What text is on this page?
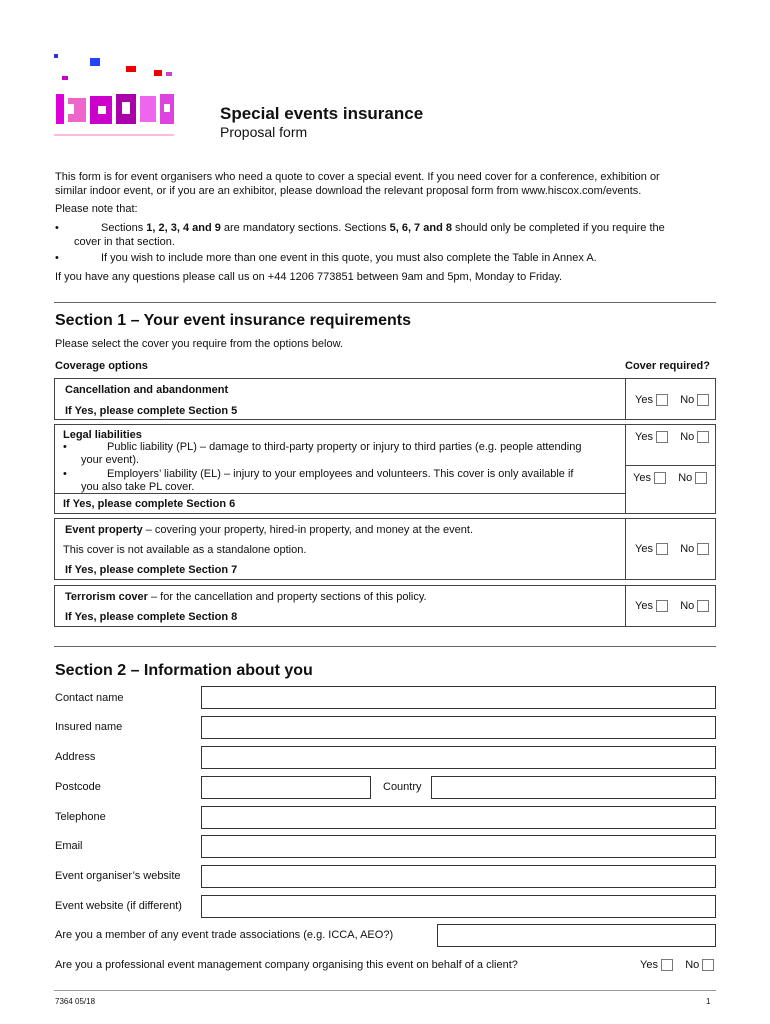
Special events insurance
Proposal form
This form is for event organisers who need a quote to cover a special event. If you need cover for a conference, exhibition or
similar indoor event, or if you are an exhibitor, please download the relevant proposal form from www.hiscox.com/events.
Please note that:
•	Sections 1, 2, 3, 4 and 9 are mandatory sections. Sections 5, 6, 7 and 8 should only be completed if you require the
cover in that section.
•	If you wish to include more than one event in this quote, you must also complete the Table in Annex A.
If you have any questions please call us on +44 1206 773851 between 9am and 5pm, Monday to Friday.
Section 1 – Your event insurance requirements
Please select the cover you require from the options below.
Coverage options	Cover required?
Cancellation and abandonment
If Yes, please complete Section 5
Yes No
Legal liabilities
•	Public liability (PL) – damage to third-party property or injury to third parties (e.g. people attending
your event).
•	Employers’ liability (EL) – injury to your employees and volunteers. This cover is only available if
you also take PL cover.
If Yes, please complete Section 6
Yes No
Yes No
Event property – covering your property, hired-in property, and money at the event.
This cover is not available as a standalone option.
If Yes, please complete Section 7
Yes No
Terrorism cover – for the cancellation and property sections of this policy.
If Yes, please complete Section 8
Yes No
Section 2 – Information about you
Contact name
Insured name
Address
Postcode	Country
Telephone
Email
Event organiser’s website
Event website (if different)
Are you a member of any event trade associations (e.g. ICCA, AEO?)
Are you a professional event management company organising this event on behalf of a client?	Yes No
7364 05/18	1
